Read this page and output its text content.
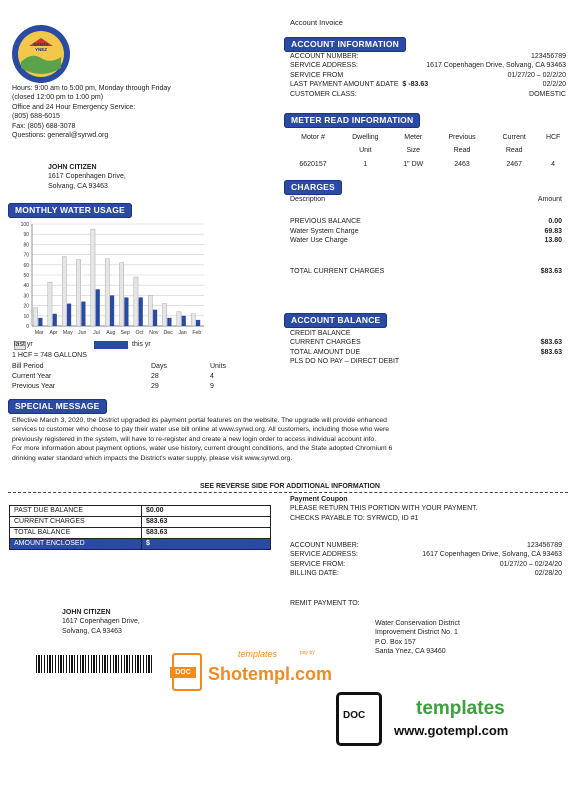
SANTA YNEZ
Hours: 9:00 am to 5:00 pm, Monday through Friday
(closed 12:00 pm to 1:00 pm)
Office and 24 Hour Emergency Service:
(805) 688-6015
Fax: (805) 688-3078
Questions: general@syrwd.org
JOHN CITIZEN
1617 Copenhagen Drive,
Solvang, CA 93463
MONTHLY WATER USAGE
0
10
20
30
40
50
60
70
80
90
100
Mar Apr May Jun Jul Aug Sep Oct Nov Dec Jan Feb
last yr	this yr
1 HCF = 748 GALLONS
Bill Period	Days	Units
Current Year	28	4
Previous Year	29	9
Account Invoice
ACCOUNT INFORMATION
ACCOUNT NUMBER:	123456789
SERVICE ADDRESS:	1617 Copenhagen Drive, Solvang, CA 93463
SERVICE FROM	01/27/20 – 02/2/20
LAST PAYMENT AMOUNT &DATE $ -83.63	02/2/20
CUSTOMER CLASS:	DOMESTIC
METER READ INFORMATION
Motor #	Dwelling	Meter	Previous	Current	HCF
	Unit	Size	Read	Read	
6620157	1	1" DW	2463	2467	4
CHARGES
Description	Amount
PREVIOUS BALANCE	0.00
Water System Charge	69.83
Water Use Charge	13.80
TOTAL CURRENT CHARGES	$83.63
ACCOUNT BALANCE
CREDIT BALANCE
CURRENT CHARGES	$83.63
TOTAL AMOUNT DUE	$83.63
PLS DO NO PAY – DIRECT DEBIT
SPECIAL MESSAGE
Effective March 3, 2020, the District upgraded its payment portal features on the website. The upgrade will provide enhanced
services to customer who choose to pay their water use bill online at www.syrwd.org. All customers, including those who were
previously registered in the system, will have to re-register and create a new login order to access individual account info.
For more information about payment options, water use history, current drought conditions, and the State adopted Chromium 6
drinking water standard which impacts the District's water supply, please visit www.syrwd.org.
SEE REVERSE SIDE FOR ADDITIONAL INFORMATION
PAST DUE BALANCE	$0.00
CURRENT CHARGES	$83.63
TOTAL BALANCE	$83.63
AMOUNT ENCLOSED	$
Payment Coupon
PLEASE RETURN THIS PORTION WITH YOUR PAYMENT.
CHECKS PAYABLE TO: SYRWCD, ID #1
ACCOUNT NUMBER:	123456789
SERVICE ADDRESS:	1617 Copenhagen Drive, Solvang, CA 93463
SERVICE FROM:	01/27/20 – 02/24/20
BILLING DATE:	02/28/20
REMIT PAYMENT TO:
Water Conservation District
Improvement District No. 1
P.O. Box 157
Santa Ynez, CA 93460
JOHN CITIZEN
1617 Copenhagen Drive,
Solvang, CA 93463
DOC
templates	pay by
Shotempl.com
DOC	templates
www.gotempl.com
